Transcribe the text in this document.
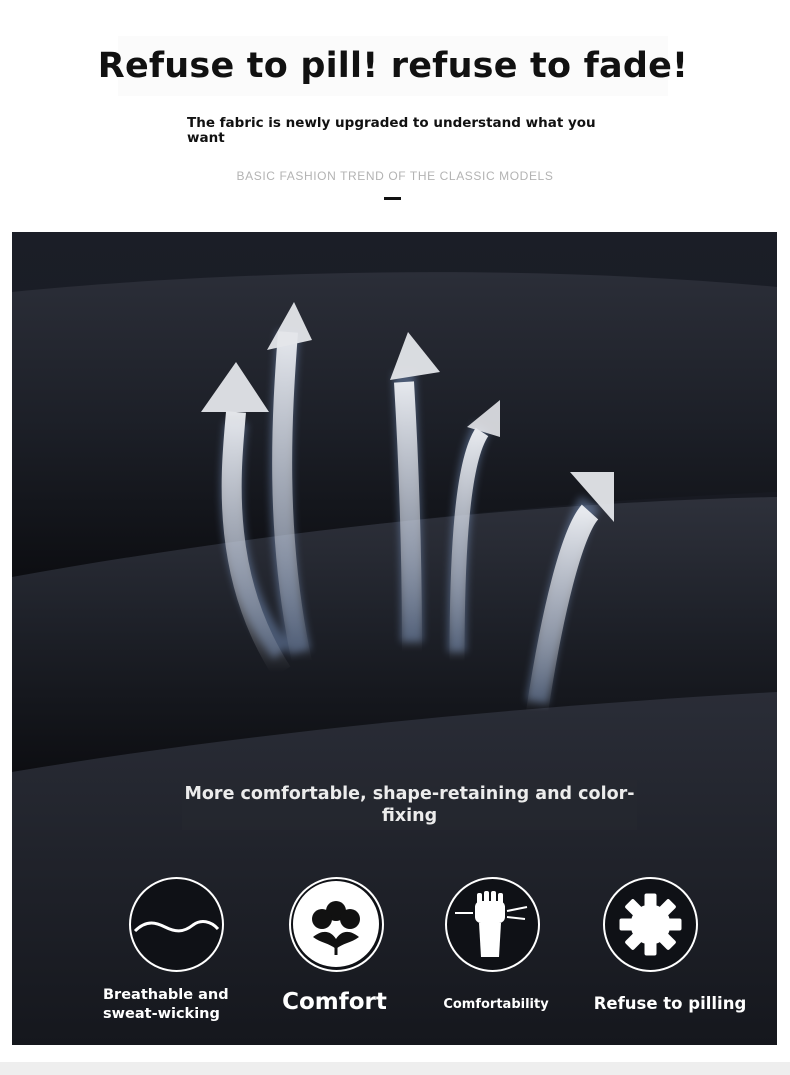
Refuse to pill! refuse to fade!
The fabric is newly upgraded to understand what you want
BASIC FASHION TREND OF THE CLASSIC MODELS
More comfortable, shape-retaining and color-fixing
Breathable and sweat-wicking	Comfort	Comfortability	Refuse to pilling
